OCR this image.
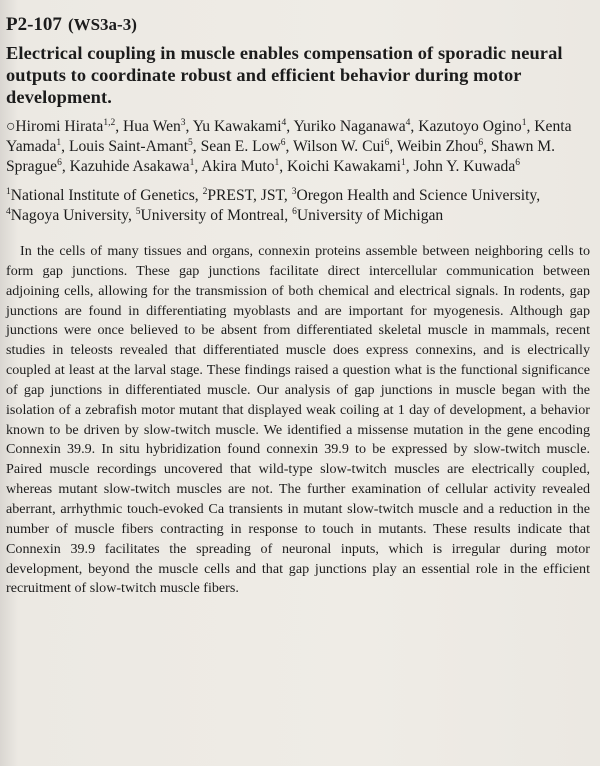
P2-107 (WS3a-3)
Electrical coupling in muscle enables compensation of sporadic neural outputs to coordinate robust and efficient behavior during motor development.
○Hiromi Hirata$^{1,2}$, Hua Wen$^3$, Yu Kawakami$^4$, Yuriko Naganawa$^4$, Kazutoyo Ogino$^1$, Kenta Yamada$^1$, Louis Saint-Amant$^5$, Sean E. Low$^6$, Wilson W. Cui$^6$, Weibin Zhou$^6$, Shawn M. Sprague$^6$, Kazuhide Asakawa$^1$, Akira Muto$^1$, Koichi Kawakami$^1$, John Y. Kuwada$^6$
$^1$National Institute of Genetics, $^2$PREST, JST, $^3$Oregon Health and Science University, $^4$Nagoya University, $^5$University of Montreal, $^6$University of Michigan

In the cells of many tissues and organs, connexin proteins assemble between neighboring cells to form gap junctions. These gap junctions facilitate direct intercellular communication between adjoining cells, allowing for the transmission of both chemical and electrical signals. In rodents, gap junctions are found in differentiating myoblasts and are important for myogenesis. Although gap junctions were once believed to be absent from differentiated skeletal muscle in mammals, recent studies in teleosts revealed that differentiated muscle does express connexins, and is electrically coupled at least at the larval stage. These findings raised a question what is the functional significance of gap junctions in differentiated muscle. Our analysis of gap junctions in muscle began with the isolation of a zebrafish motor mutant that displayed weak coiling at 1 day of development, a behavior known to be driven by slow-twitch muscle. We identified a missense mutation in the gene encoding Connexin 39.9. In situ hybridization found connexin 39.9 to be expressed by slow-twitch muscle. Paired muscle recordings uncovered that wild-type slow-twitch muscles are electrically coupled, whereas mutant slow-twitch muscles are not. The further examination of cellular activity revealed aberrant, arrhythmic touch-evoked Ca transients in mutant slow-twitch muscle and a reduction in the number of muscle fibers contracting in response to touch in mutants. These results indicate that Connexin 39.9 facilitates the spreading of neuronal inputs, which is irregular during motor development, beyond the muscle cells and that gap junctions play an essential role in the efficient recruitment of slow-twitch muscle fibers.
